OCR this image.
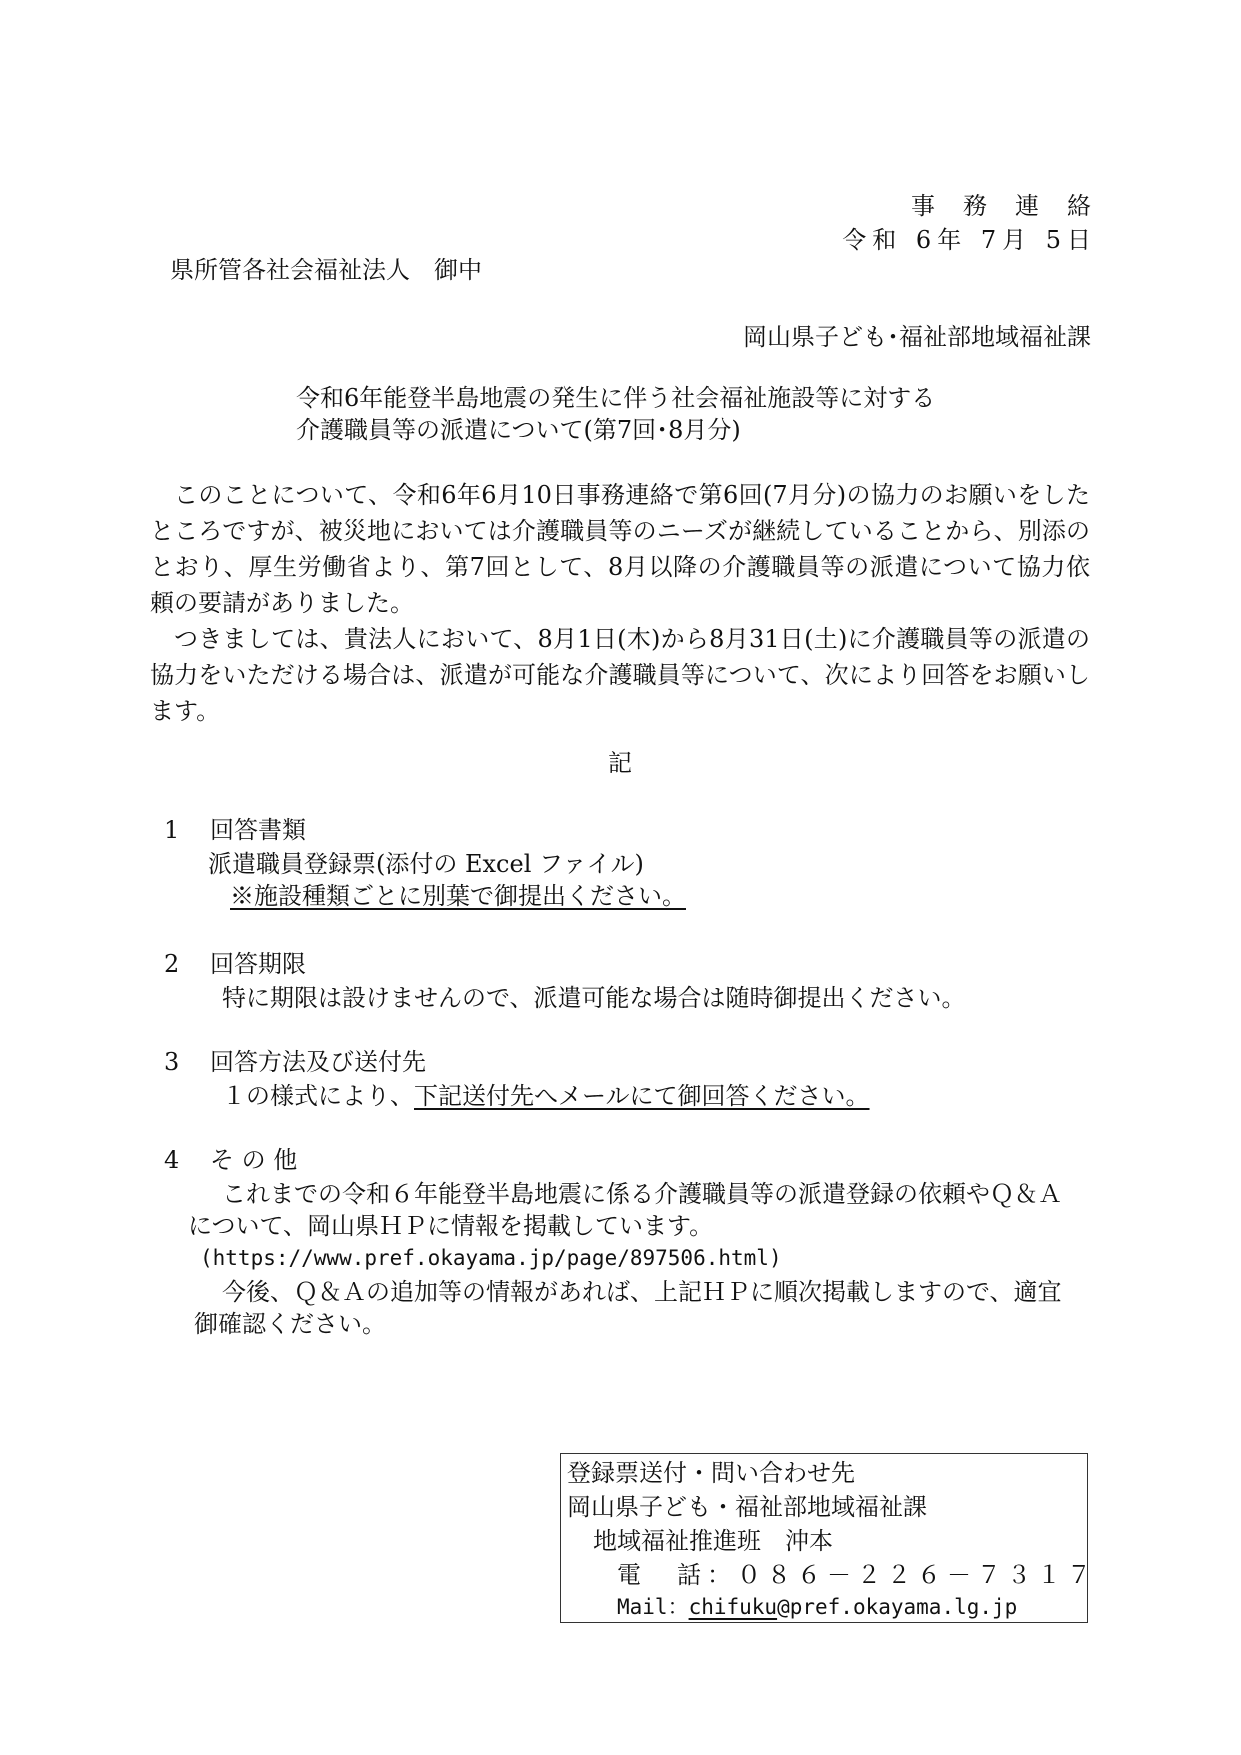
事務連絡
令和 6年 7月 5日
県所管各社会福祉法人　御中
岡山県子ども･福祉部地域福祉課
令和6年能登半島地震の発生に伴う社会福祉施設等に対する
介護職員等の派遣について(第7回･8月分)
このことについて、令和6年6月10日事務連絡で第6回(7月分)の協力のお願いをしたところですが、被災地においては介護職員等のニーズが継続していることから、別添のとおり、厚生労働省より、第7回として、8月以降の介護職員等の派遣について協力依頼の要請がありました。
つきましては、貴法人において、8月1日(木)から8月31日(土)に介護職員等の派遣の協力をいただける場合は、派遣が可能な介護職員等について、次により回答をお願いします。
記
1 回答書類
派遣職員登録票(添付の Excel ファイル)
※施設種類ごとに別葉で御提出ください。
2 回答期限
特に期限は設けませんので、派遣可能な場合は随時御提出ください。
3 回答方法及び送付先
１の様式により、下記送付先へメールにて御回答ください。
4 そ の 他
これまでの令和６年能登半島地震に係る介護職員等の派遣登録の依頼やＱ＆Ａ
について、岡山県ＨＰに情報を掲載しています。
(https://www.pref.okayama.jp/page/897506.html)
今後、Ｑ＆Ａの追加等の情報があれば、上記ＨＰに順次掲載しますので、適宜
御確認ください。
登録票送付・問い合わせ先
岡山県子ども・福祉部地域福祉課
地域福祉推進班　沖本
電　話：０８６－２２６－７３１７
Mail：chifuku@pref.okayama.lg.jp
